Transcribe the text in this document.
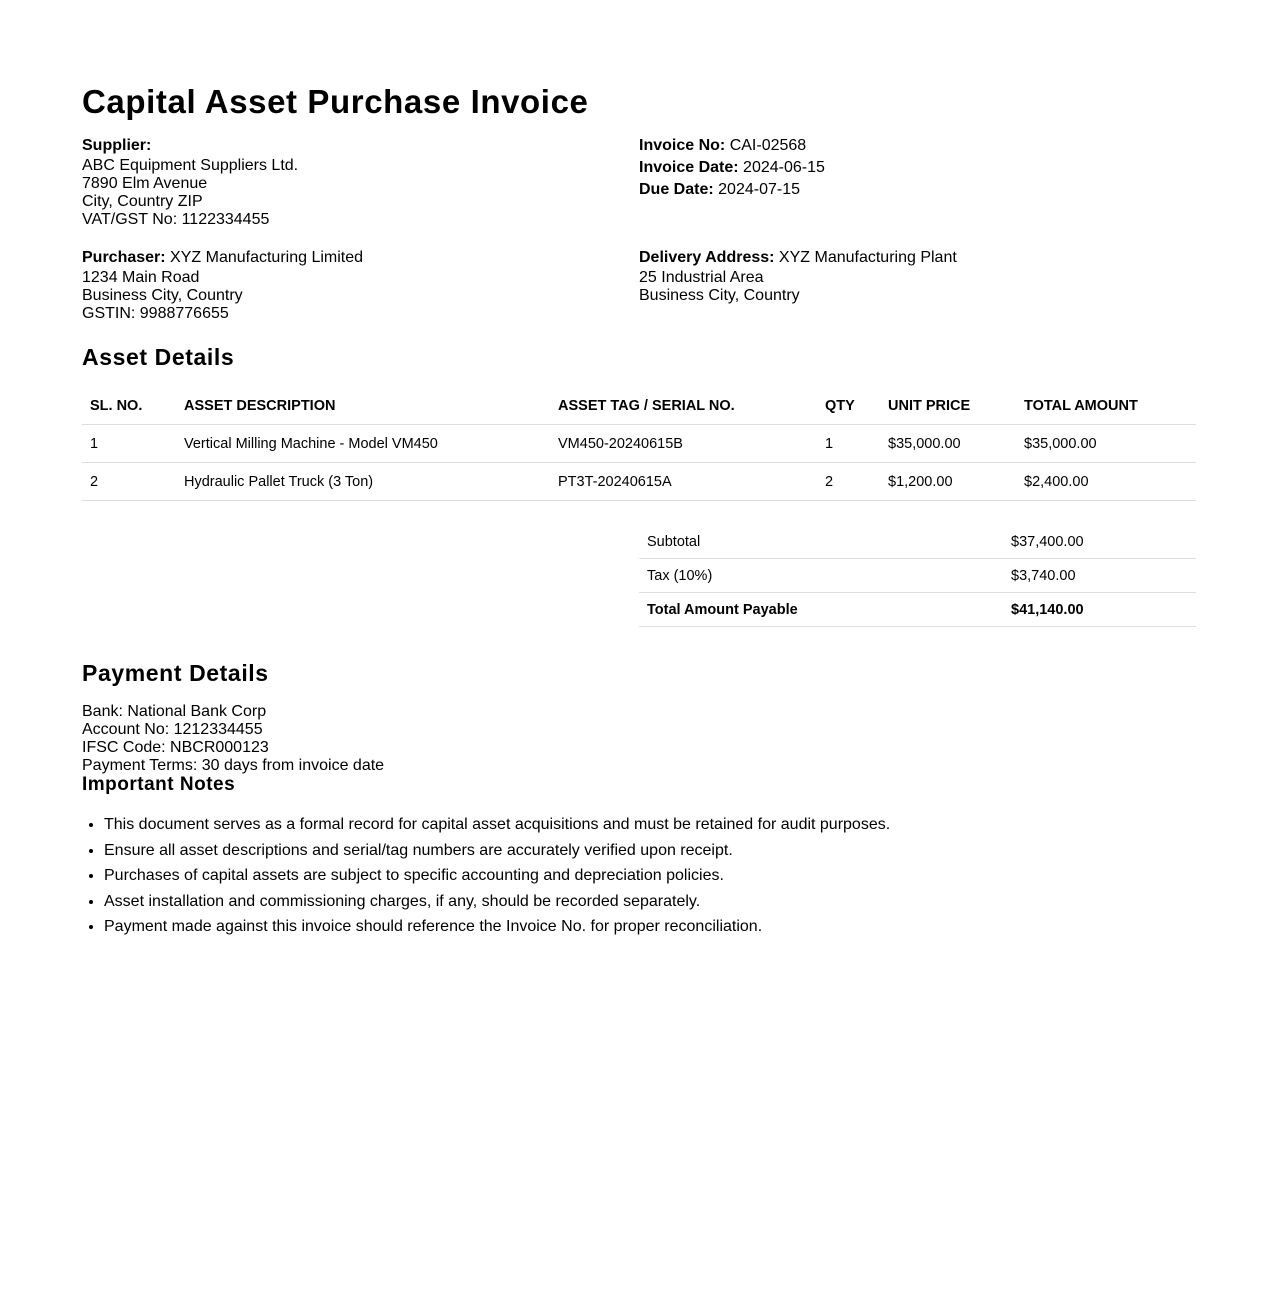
Capital Asset Purchase Invoice
Supplier:
ABC Equipment Suppliers Ltd.
7890 Elm Avenue
City, Country ZIP
VAT/GST No: 1122334455
Invoice No: CAI-02568
Invoice Date: 2024-06-15
Due Date: 2024-07-15
Purchaser: XYZ Manufacturing Limited
1234 Main Road
Business City, Country
GSTIN: 9988776655
Delivery Address: XYZ Manufacturing Plant
25 Industrial Area
Business City, Country
Asset Details
SL. NO.	ASSET DESCRIPTION	ASSET TAG / SERIAL NO.	QTY	UNIT PRICE	TOTAL AMOUNT
1	Vertical Milling Machine - Model VM450	VM450-20240615B	1	$35,000.00	$35,000.00
2	Hydraulic Pallet Truck (3 Ton)	PT3T-20240615A	2	$1,200.00	$2,400.00
Subtotal	$37,400.00
Tax (10%)	$3,740.00
Total Amount Payable	$41,140.00
Payment Details
Bank: National Bank Corp
Account No: 1212334455
IFSC Code: NBCR000123
Payment Terms: 30 days from invoice date
Important Notes
• This document serves as a formal record for capital asset acquisitions and must be retained for audit purposes.
• Ensure all asset descriptions and serial/tag numbers are accurately verified upon receipt.
• Purchases of capital assets are subject to specific accounting and depreciation policies.
• Asset installation and commissioning charges, if any, should be recorded separately.
• Payment made against this invoice should reference the Invoice No. for proper reconciliation.
